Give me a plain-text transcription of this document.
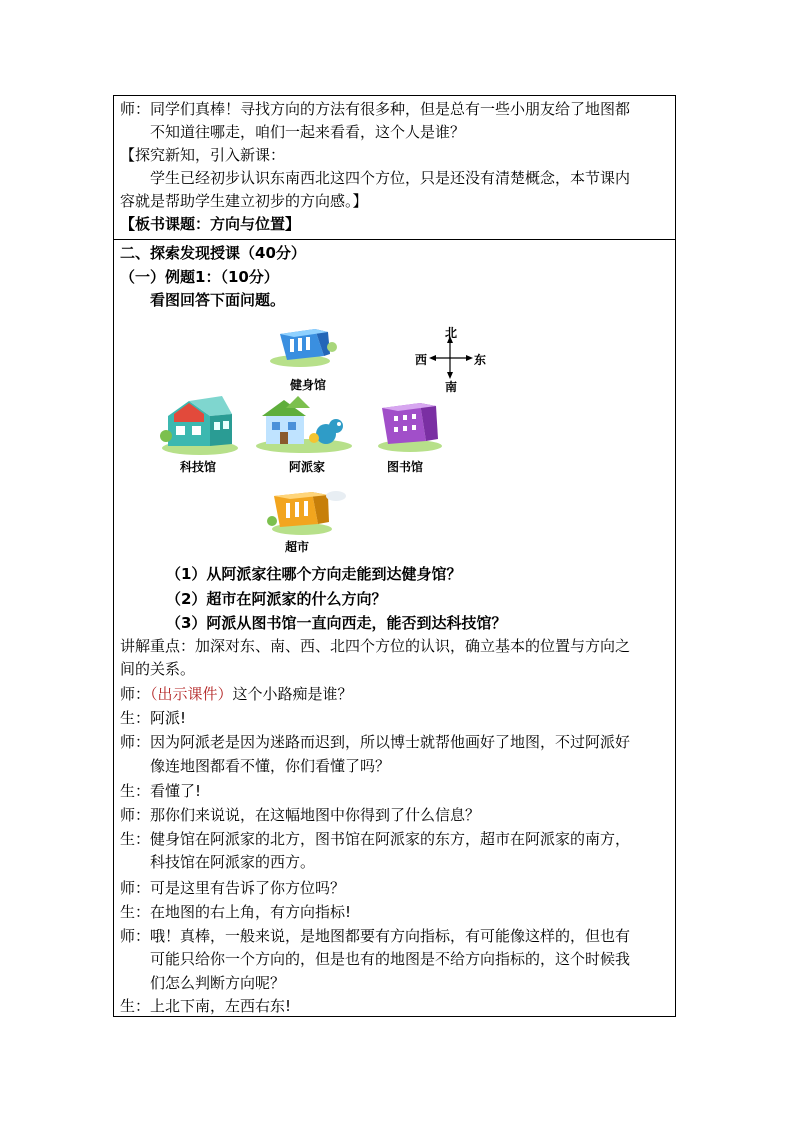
师：同学们真棒！寻找方向的方法有很多种，但是总有一些小朋友给了地图都
不知道往哪走，咱们一起来看看，这个人是谁？
【探究新知，引入新课：
学生已经初步认识东南西北这四个方位，只是还没有清楚概念，本节课内
容就是帮助学生建立初步的方向感。】
【板书课题：方向与位置】
二、探索发现授课（40分）
（一）例题1：（10分）
看图回答下面问题。
北
南
西	东
健身馆
科技馆	阿派家	图书馆
超市
（1）从阿派家往哪个方向走能到达健身馆？
（2）超市在阿派家的什么方向？
（3）阿派从图书馆一直向西走，能否到达科技馆？
讲解重点：加深对东、南、西、北四个方位的认识，确立基本的位置与方向之
间的关系。
师：（出示课件）这个小路痴是谁？
生：阿派!
师：因为阿派老是因为迷路而迟到，所以博士就帮他画好了地图，不过阿派好
像连地图都看不懂，你们看懂了吗？
生：看懂了!
师：那你们来说说，在这幅地图中你得到了什么信息？
生：健身馆在阿派家的北方，图书馆在阿派家的东方，超市在阿派家的南方，
科技馆在阿派家的西方。
师：可是这里有告诉了你方位吗？
生：在地图的右上角，有方向指标!
师：哦！真棒，一般来说，是地图都要有方向指标，有可能像这样的，但也有
可能只给你一个方向的，但是也有的地图是不给方向指标的，这个时候我
们怎么判断方向呢？
生：上北下南，左西右东!
